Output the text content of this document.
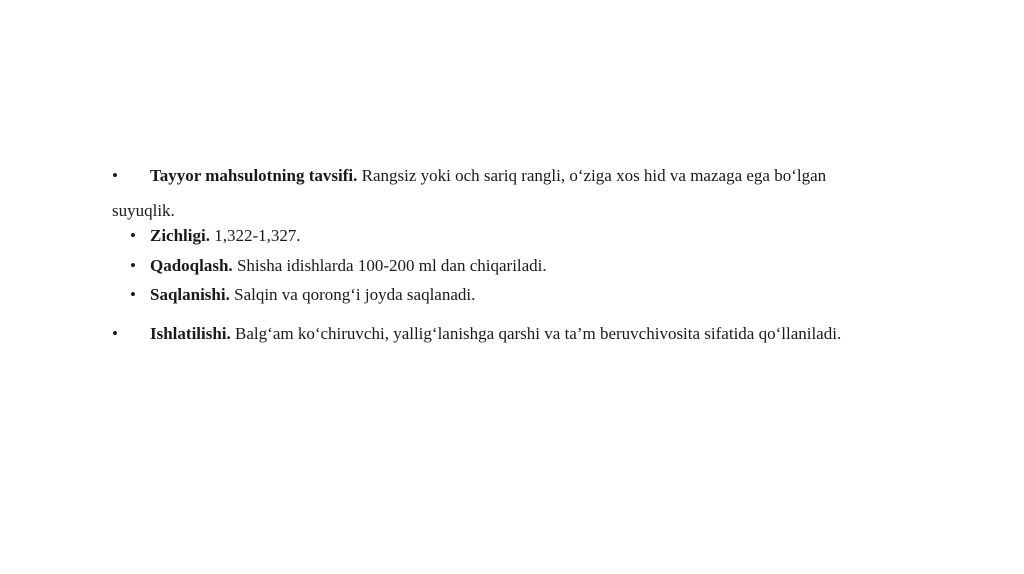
• Tayyor mahsulotning tavsifi. Rangsiz yoki och sariq rangli, o‘ziga xos hid va mazaga ega bo‘lgan
suyuqlik.
• Zichligi. 1,322-1,327.
• Qadoqlash. Shisha idishlarda 100-200 ml dan chiqariladi.
• Saqlanishi. Salqin va qorong‘i joyda saqlanadi.
• Ishlatilishi. Balg‘am ko‘chiruvchi, yallig‘lanishga qarshi va ta’m beruvchivosita sifatida qo‘llaniladi.
